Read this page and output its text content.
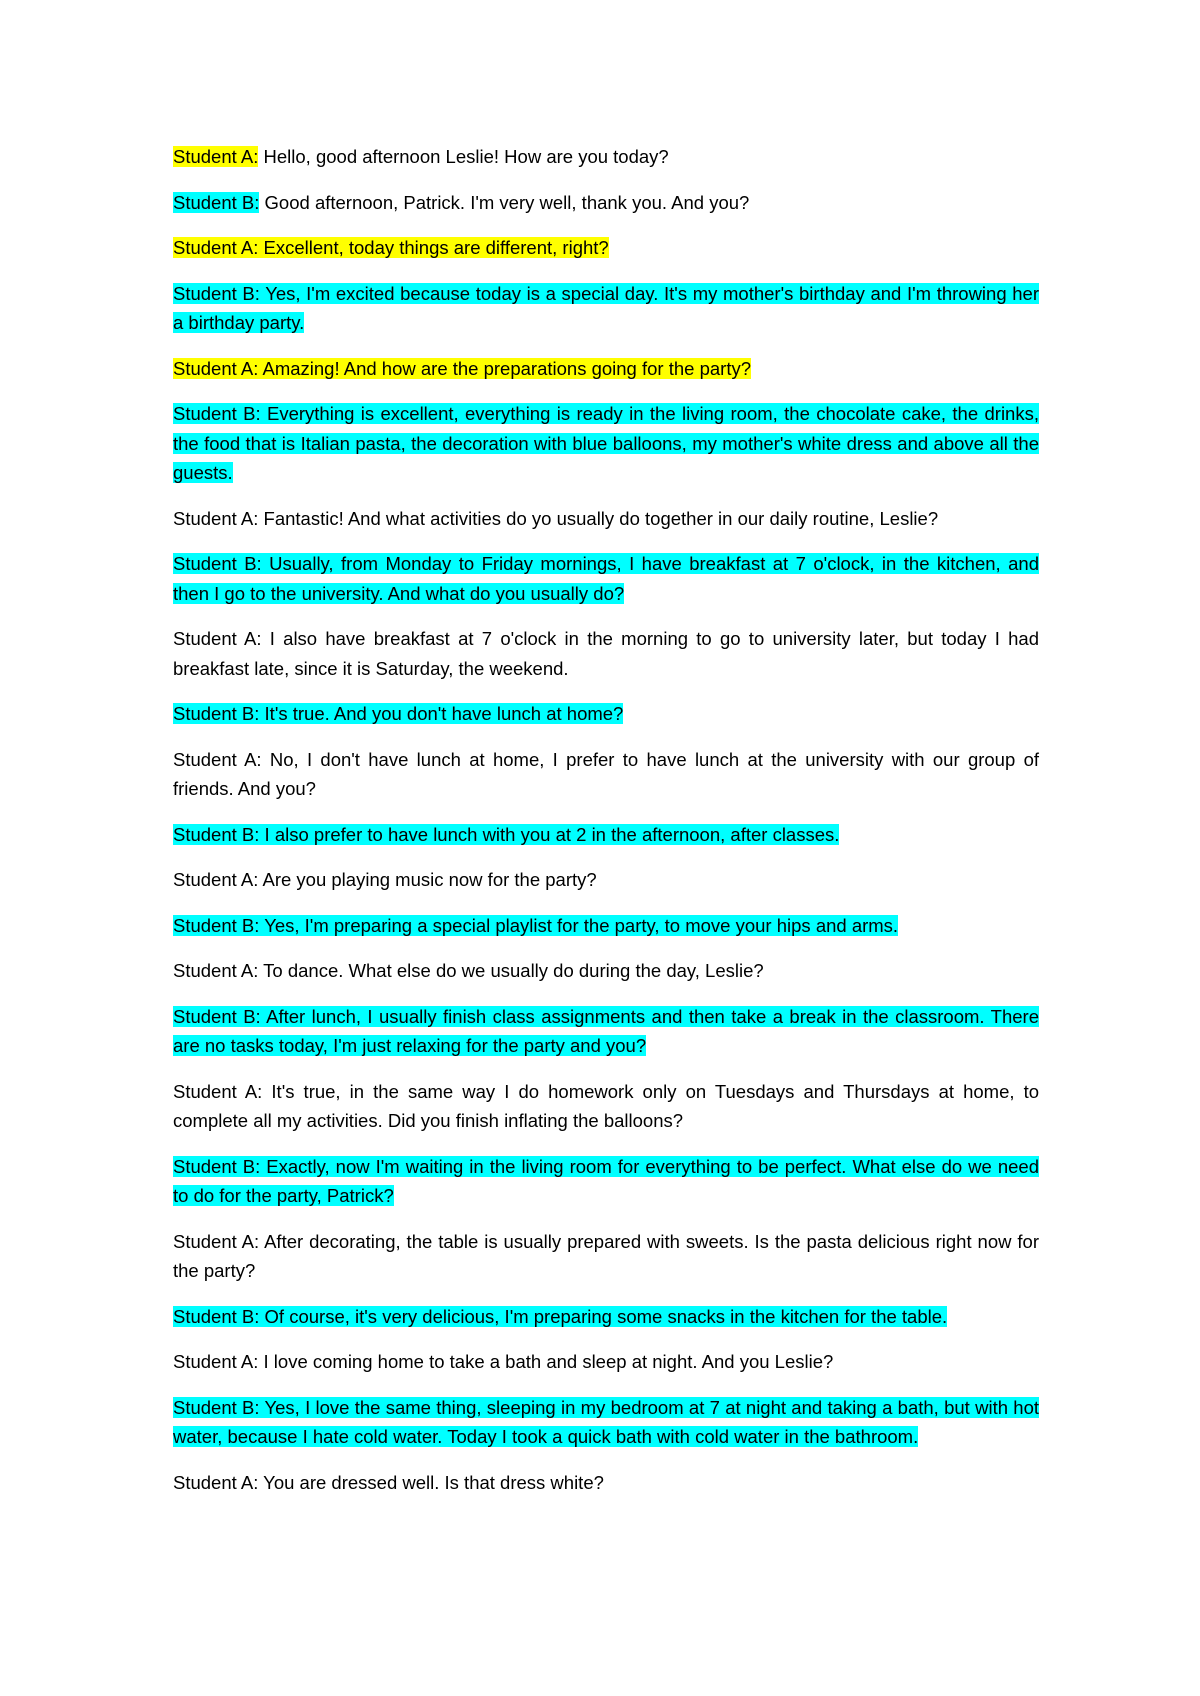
Student A: Hello, good afternoon Leslie! How are you today?

Student B: Good afternoon, Patrick. I'm very well, thank you. And you?

Student A: Excellent, today things are different, right?

Student B: Yes, I'm excited because today is a special day. It's my mother's birthday and I'm throwing her a birthday party.

Student A: Amazing! And how are the preparations going for the party?

Student B: Everything is excellent, everything is ready in the living room, the chocolate cake, the drinks, the food that is Italian pasta, the decoration with blue balloons, my mother's white dress and above all the guests.

Student A: Fantastic! And what activities do yo usually do together in our daily routine, Leslie?

Student B: Usually, from Monday to Friday mornings, I have breakfast at 7 o'clock, in the kitchen, and then I go to the university. And what do you usually do?

Student A: I also have breakfast at 7 o'clock in the morning to go to university later, but today I had breakfast late, since it is Saturday, the weekend.

Student B: It's true. And you don't have lunch at home?

Student A: No, I don't have lunch at home, I prefer to have lunch at the university with our group of friends. And you?

Student B: I also prefer to have lunch with you at 2 in the afternoon, after classes.

Student A: Are you playing music now for the party?

Student B: Yes, I'm preparing a special playlist for the party, to move your hips and arms.

Student A: To dance. What else do we usually do during the day, Leslie?

Student B: After lunch, I usually finish class assignments and then take a break in the classroom. There are no tasks today, I'm just relaxing for the party and you?

Student A: It's true, in the same way I do homework only on Tuesdays and Thursdays at home, to complete all my activities. Did you finish inflating the balloons?

Student B: Exactly, now I'm waiting in the living room for everything to be perfect. What else do we need to do for the party, Patrick?

Student A: After decorating, the table is usually prepared with sweets. Is the pasta delicious right now for the party?

Student B: Of course, it's very delicious, I'm preparing some snacks in the kitchen for the table.

Student A: I love coming home to take a bath and sleep at night. And you Leslie?

Student B: Yes, I love the same thing, sleeping in my bedroom at 7 at night and taking a bath, but with hot water, because I hate cold water. Today I took a quick bath with cold water in the bathroom.

Student A: You are dressed well. Is that dress white?
